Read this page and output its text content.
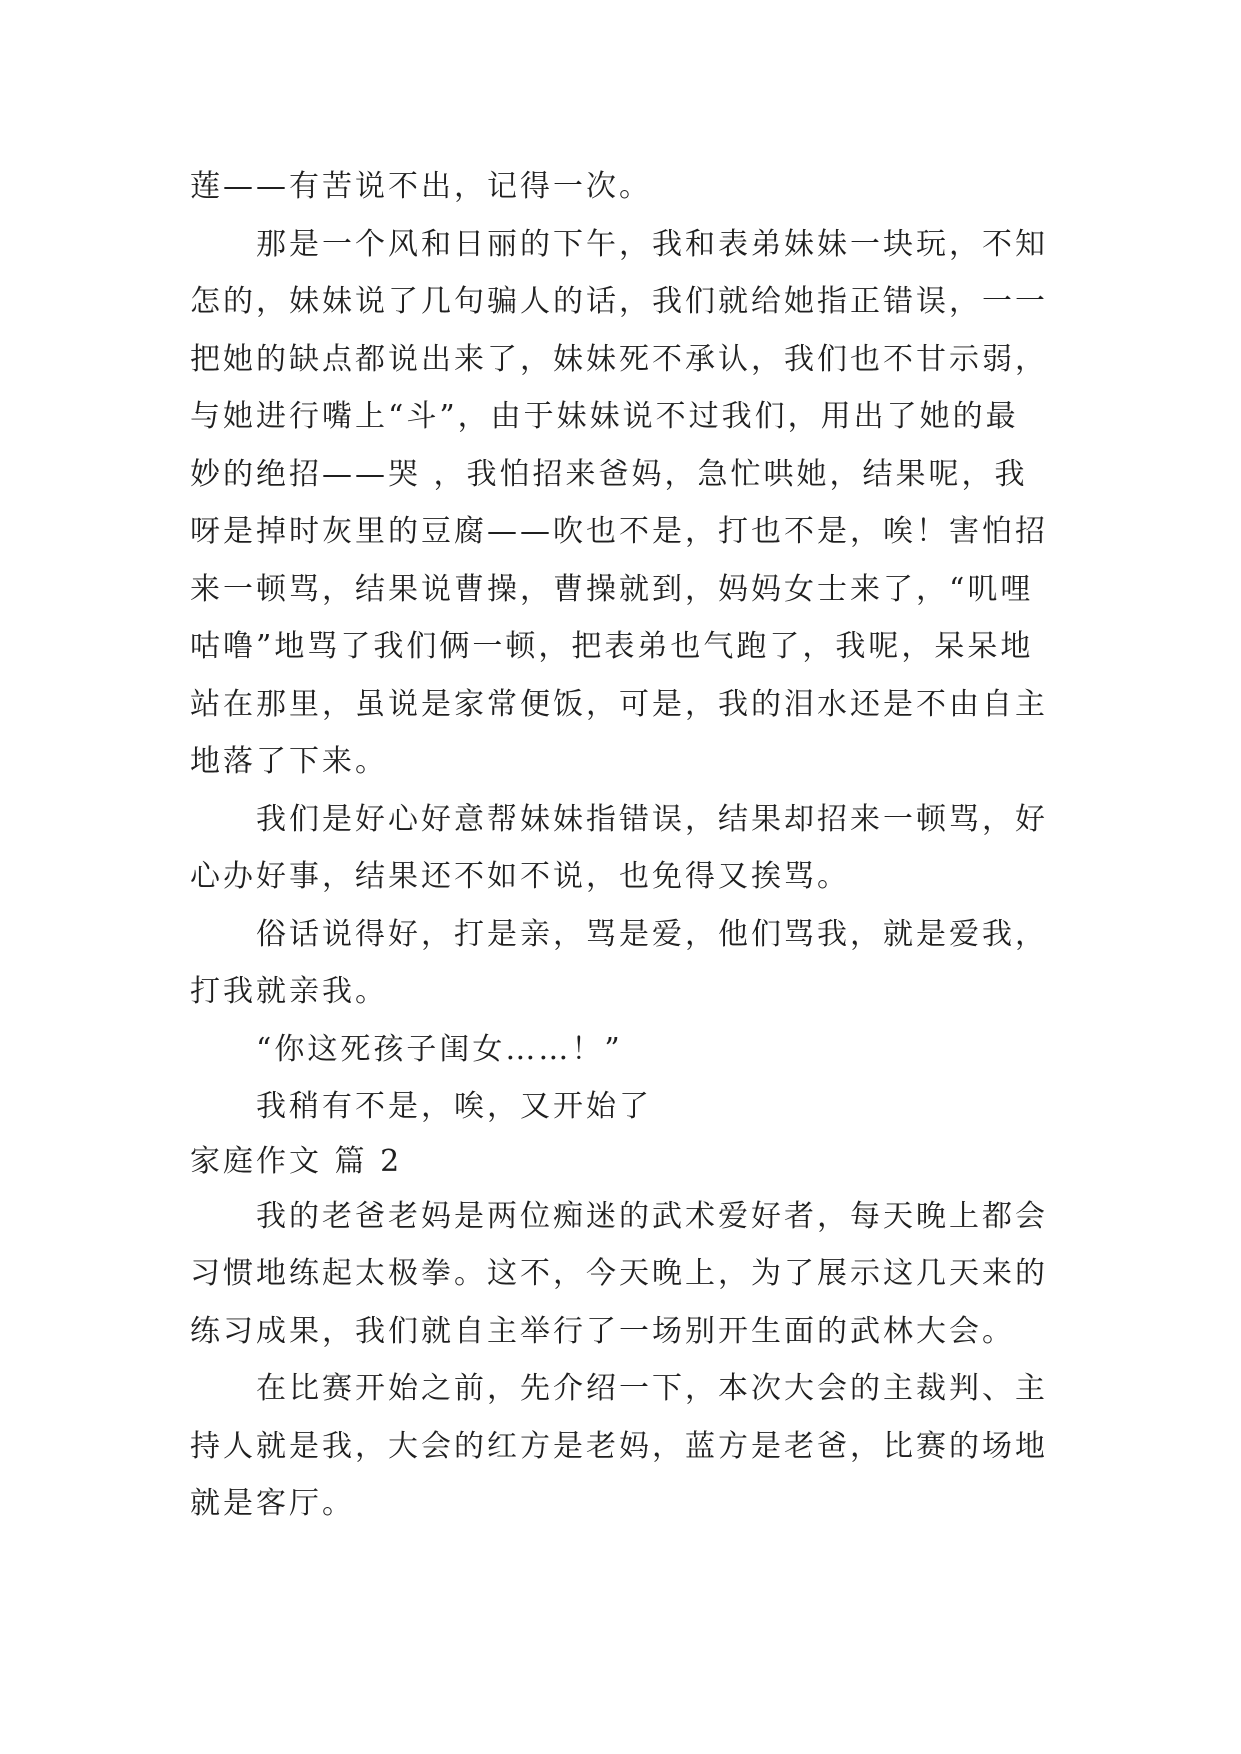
莲——有苦说不出，记得一次。
那是一个风和日丽的下午，我和表弟妹妹一块玩，不知
怎的，妹妹说了几句骗人的话，我们就给她指正错误，一一
把她的缺点都说出来了，妹妹死不承认，我们也不甘示弱，
与她进行嘴上“斗”，由于妹妹说不过我们，用出了她的最
妙的绝招——哭 ，我怕招来爸妈，急忙哄她，结果呢，我
呀是掉时灰里的豆腐——吹也不是，打也不是，唉！害怕招
来一顿骂，结果说曹操，曹操就到，妈妈女士来了，“叽哩
咕噜”地骂了我们俩一顿，把表弟也气跑了，我呢，呆呆地
站在那里，虽说是家常便饭，可是，我的泪水还是不由自主
地落了下来。
我们是好心好意帮妹妹指错误，结果却招来一顿骂，好
心办好事，结果还不如不说，也免得又挨骂。
俗话说得好，打是亲，骂是爱，他们骂我，就是爱我，
打我就亲我。
“你这死孩子闺女……！”
我稍有不是，唉，又开始了
家庭作文 篇 2
我的老爸老妈是两位痴迷的武术爱好者，每天晚上都会
习惯地练起太极拳。这不，今天晚上，为了展示这几天来的
练习成果，我们就自主举行了一场别开生面的武林大会。
在比赛开始之前，先介绍一下，本次大会的主裁判、主
持人就是我，大会的红方是老妈，蓝方是老爸，比赛的场地
就是客厅。
